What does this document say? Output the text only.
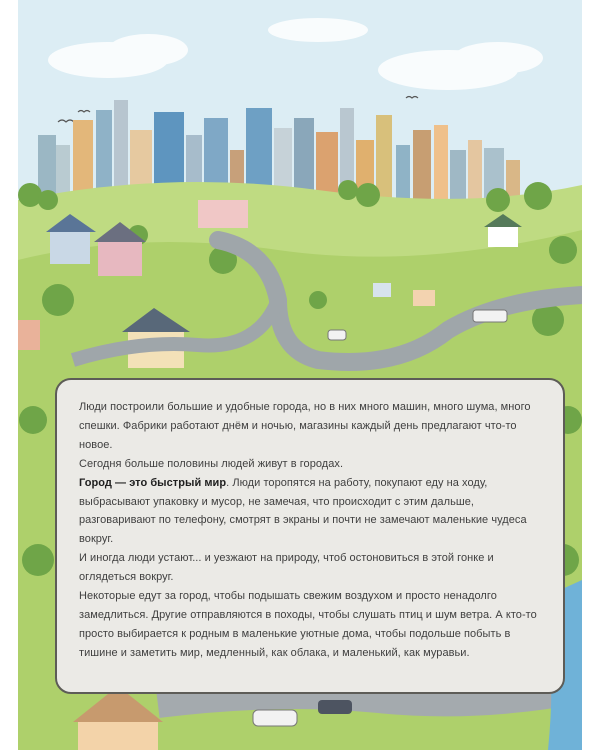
Люди построили большие и удобные города, но в них много машин, много шума, много спешки. Фабрики работают днём и ночью, магазины каждый день предлагают что-то новое.

Сегодня больше половины людей живут в городах.

Город — это быстрый мир. Люди торопятся на работу, покупают еду на ходу, выбрасывают упаковку и мусор, не замечая, что происходит с этим дальше, разговаривают по телефону, смотрят в экраны и почти не замечают маленькие чудеса вокруг.

И иногда люди устают... и уезжают на природу, чтоб остоновиться в этой гонке и оглядеться вокруг.

Некоторые едут за город, чтобы подышать свежим воздухом и просто ненадолго замедлиться. Другие отправляются в походы, чтобы слушать птиц и шум ветра. А кто-то просто выбирается к родным в маленькие уютные дома, чтобы подольше побыть в тишине и заметить мир, медленный, как облака, и маленький, как муравьи.
